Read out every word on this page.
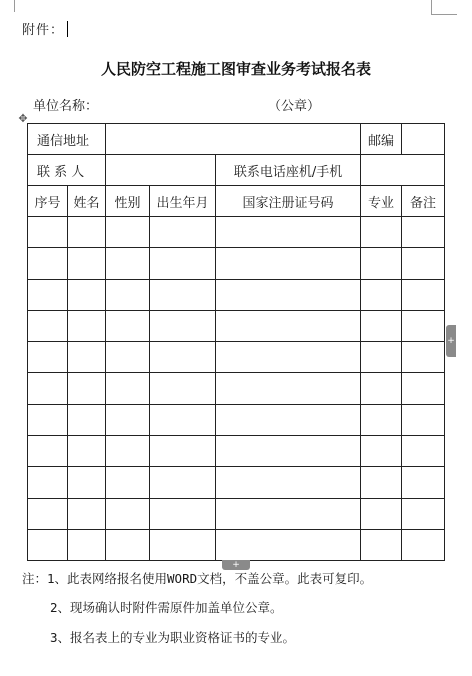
附件：
人民防空工程施工图审查业务考试报名表
单位名称：	（公章）
✥
通信地址					邮编	
联 系 人				联系电话座机/手机		
序号	姓名	性别	出生年月	国家注册证号码	专业	备注

+
+
注：1、此表网络报名使用WORD文档，不盖公章。此表可复印。
2、现场确认时附件需原件加盖单位公章。
3、报名表上的专业为职业资格证书的专业。
